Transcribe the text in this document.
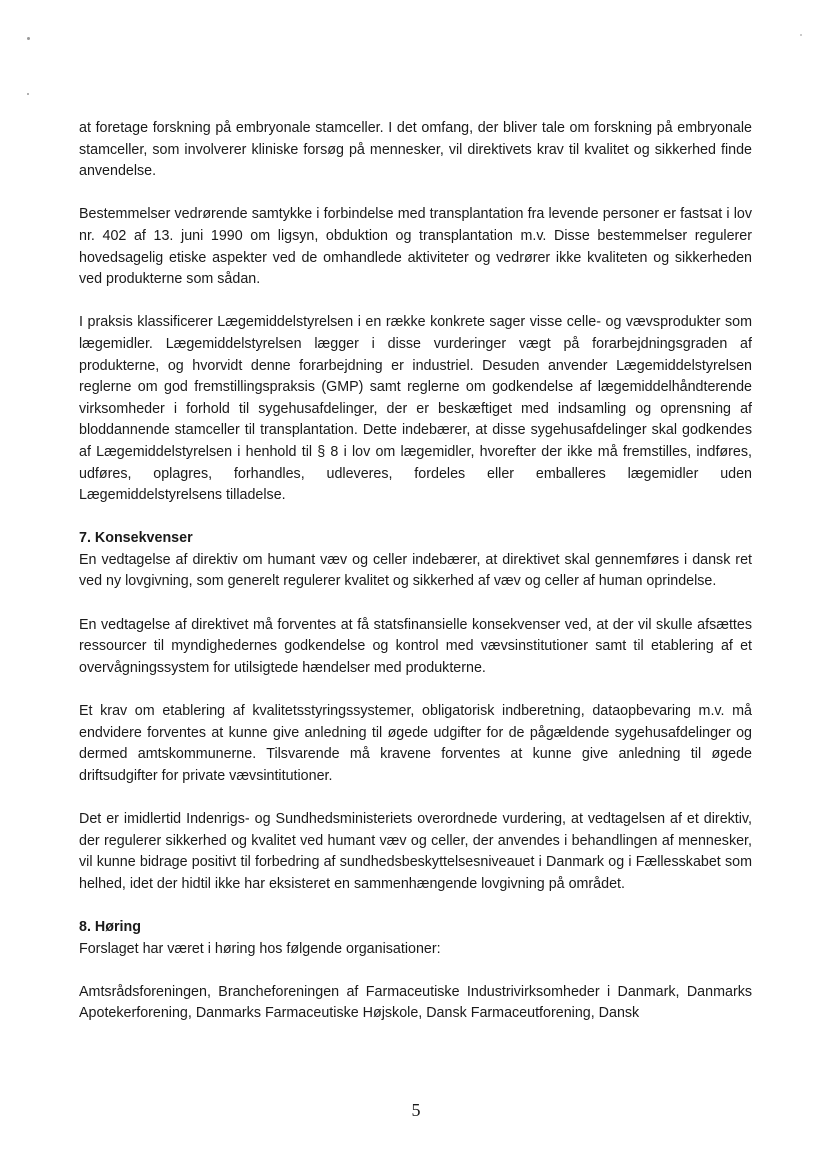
at foretage forskning på embryonale stamceller. I det omfang, der bliver tale om forskning på embryonale stamceller, som involverer kliniske forsøg på mennesker, vil direktivets krav til kvalitet og sikkerhed finde anvendelse.

Bestemmelser vedrørende samtykke i forbindelse med transplantation fra levende personer er fastsat i lov nr. 402 af 13. juni 1990 om ligsyn, obduktion og transplantation m.v. Disse bestemmelser regulerer hovedsagelig etiske aspekter ved de omhandlede aktiviteter og vedrører ikke kvaliteten og sikkerheden ved produkterne som sådan.

I praksis klassificerer Lægemiddelstyrelsen i en række konkrete sager visse celle- og vævsprodukter som lægemidler. Lægemiddelstyrelsen lægger i disse vurderinger vægt på forarbejdningsgraden af produkterne, og hvorvidt denne forarbejdning er industriel. Desuden anvender Lægemiddelstyrelsen reglerne om god fremstillingspraksis (GMP) samt reglerne om godkendelse af lægemiddelhåndterende virksomheder i forhold til sygehusafdelinger, der er beskæftiget med indsamling og oprensning af bloddannende stamceller til transplantation. Dette indebærer, at disse sygehusafdelinger skal godkendes af Lægemiddelstyrelsen i henhold til § 8 i lov om lægemidler, hvorefter der ikke må fremstilles, indføres, udføres, oplagres, forhandles, udleveres, fordeles eller emballeres lægemidler uden Lægemiddelstyrelsens tilladelse.

7. Konsekvenser

En vedtagelse af direktiv om humant væv og celler indebærer, at direktivet skal gennemføres i dansk ret ved ny lovgivning, som generelt regulerer kvalitet og sikkerhed af væv og celler af human oprindelse.

En vedtagelse af direktivet må forventes at få statsfinansielle konsekvenser ved, at der vil skulle afsættes ressourcer til myndighedernes godkendelse og kontrol med vævsinstitutioner samt til etablering af et overvågningssystem for utilsigtede hændelser med produkterne.

Et krav om etablering af kvalitetsstyringssystemer, obligatorisk indberetning, dataopbevaring m.v. må endvidere forventes at kunne give anledning til øgede udgifter for de pågældende sygehusafdelinger og dermed amtskommunerne. Tilsvarende må kravene forventes at kunne give anledning til øgede driftsudgifter for private vævsintitutioner.

Det er imidlertid Indenrigs- og Sundhedsministeriets overordnede vurdering, at vedtagelsen af et direktiv, der regulerer sikkerhed og kvalitet ved humant væv og celler, der anvendes i behandlingen af mennesker, vil kunne bidrage positivt til forbedring af sundhedsbeskyttelsesniveauet i Danmark og i Fællesskabet som helhed, idet der hidtil ikke har eksisteret en sammenhængende lovgivning på området.

8. Høring

Forslaget har været i høring hos følgende organisationer:

Amtsrådsforeningen, Brancheforeningen af Farmaceutiske Industrivirksomheder i Danmark, Danmarks Apotekerforening, Danmarks Farmaceutiske Højskole, Dansk Farmaceutforening, Dansk

5
